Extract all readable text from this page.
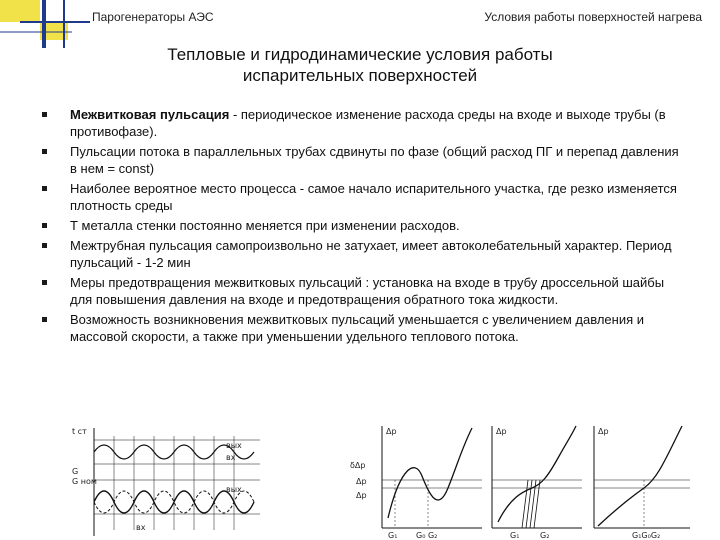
Парогенераторы АЭС	Условия работы поверхностей нагрева
Тепловые и гидродинамические условия работы
испарительных поверхностей
Межвитковая пульсация - периодическое изменение расхода среды на входе и выходе трубы (в противофазе).
Пульсации потока в параллельных трубах сдвинуты по фазе (общий расход ПГ и перепад давления в нем = const)
Наиболее вероятное место процесса - самое начало испарительного участка, где резко изменяется плотность среды
Т металла стенки постоянно меняется при изменении расходов.
Межтрубная пульсация самопроизвольно не затухает, имеет автоколебательный характер. Период пульсаций - 1-2 мин
Меры предотвращения межвитковых пульсаций : установка на входе в трубу дроссельной шайбы для повышения давления на входе и предотвращения обратного тока жидкости.
Возможность возникновения межвитковых пульсаций уменьшается с увеличением давления и массовой скорости, а также при уменьшении удельного теплового потока.
t ст
G
G ном
вых
вх
вых
вх
Δp
δΔp
Δp
Δp
G₁ G₀ G₂
Δp
G₁	G₂
Δp
G₁G₀G₂
